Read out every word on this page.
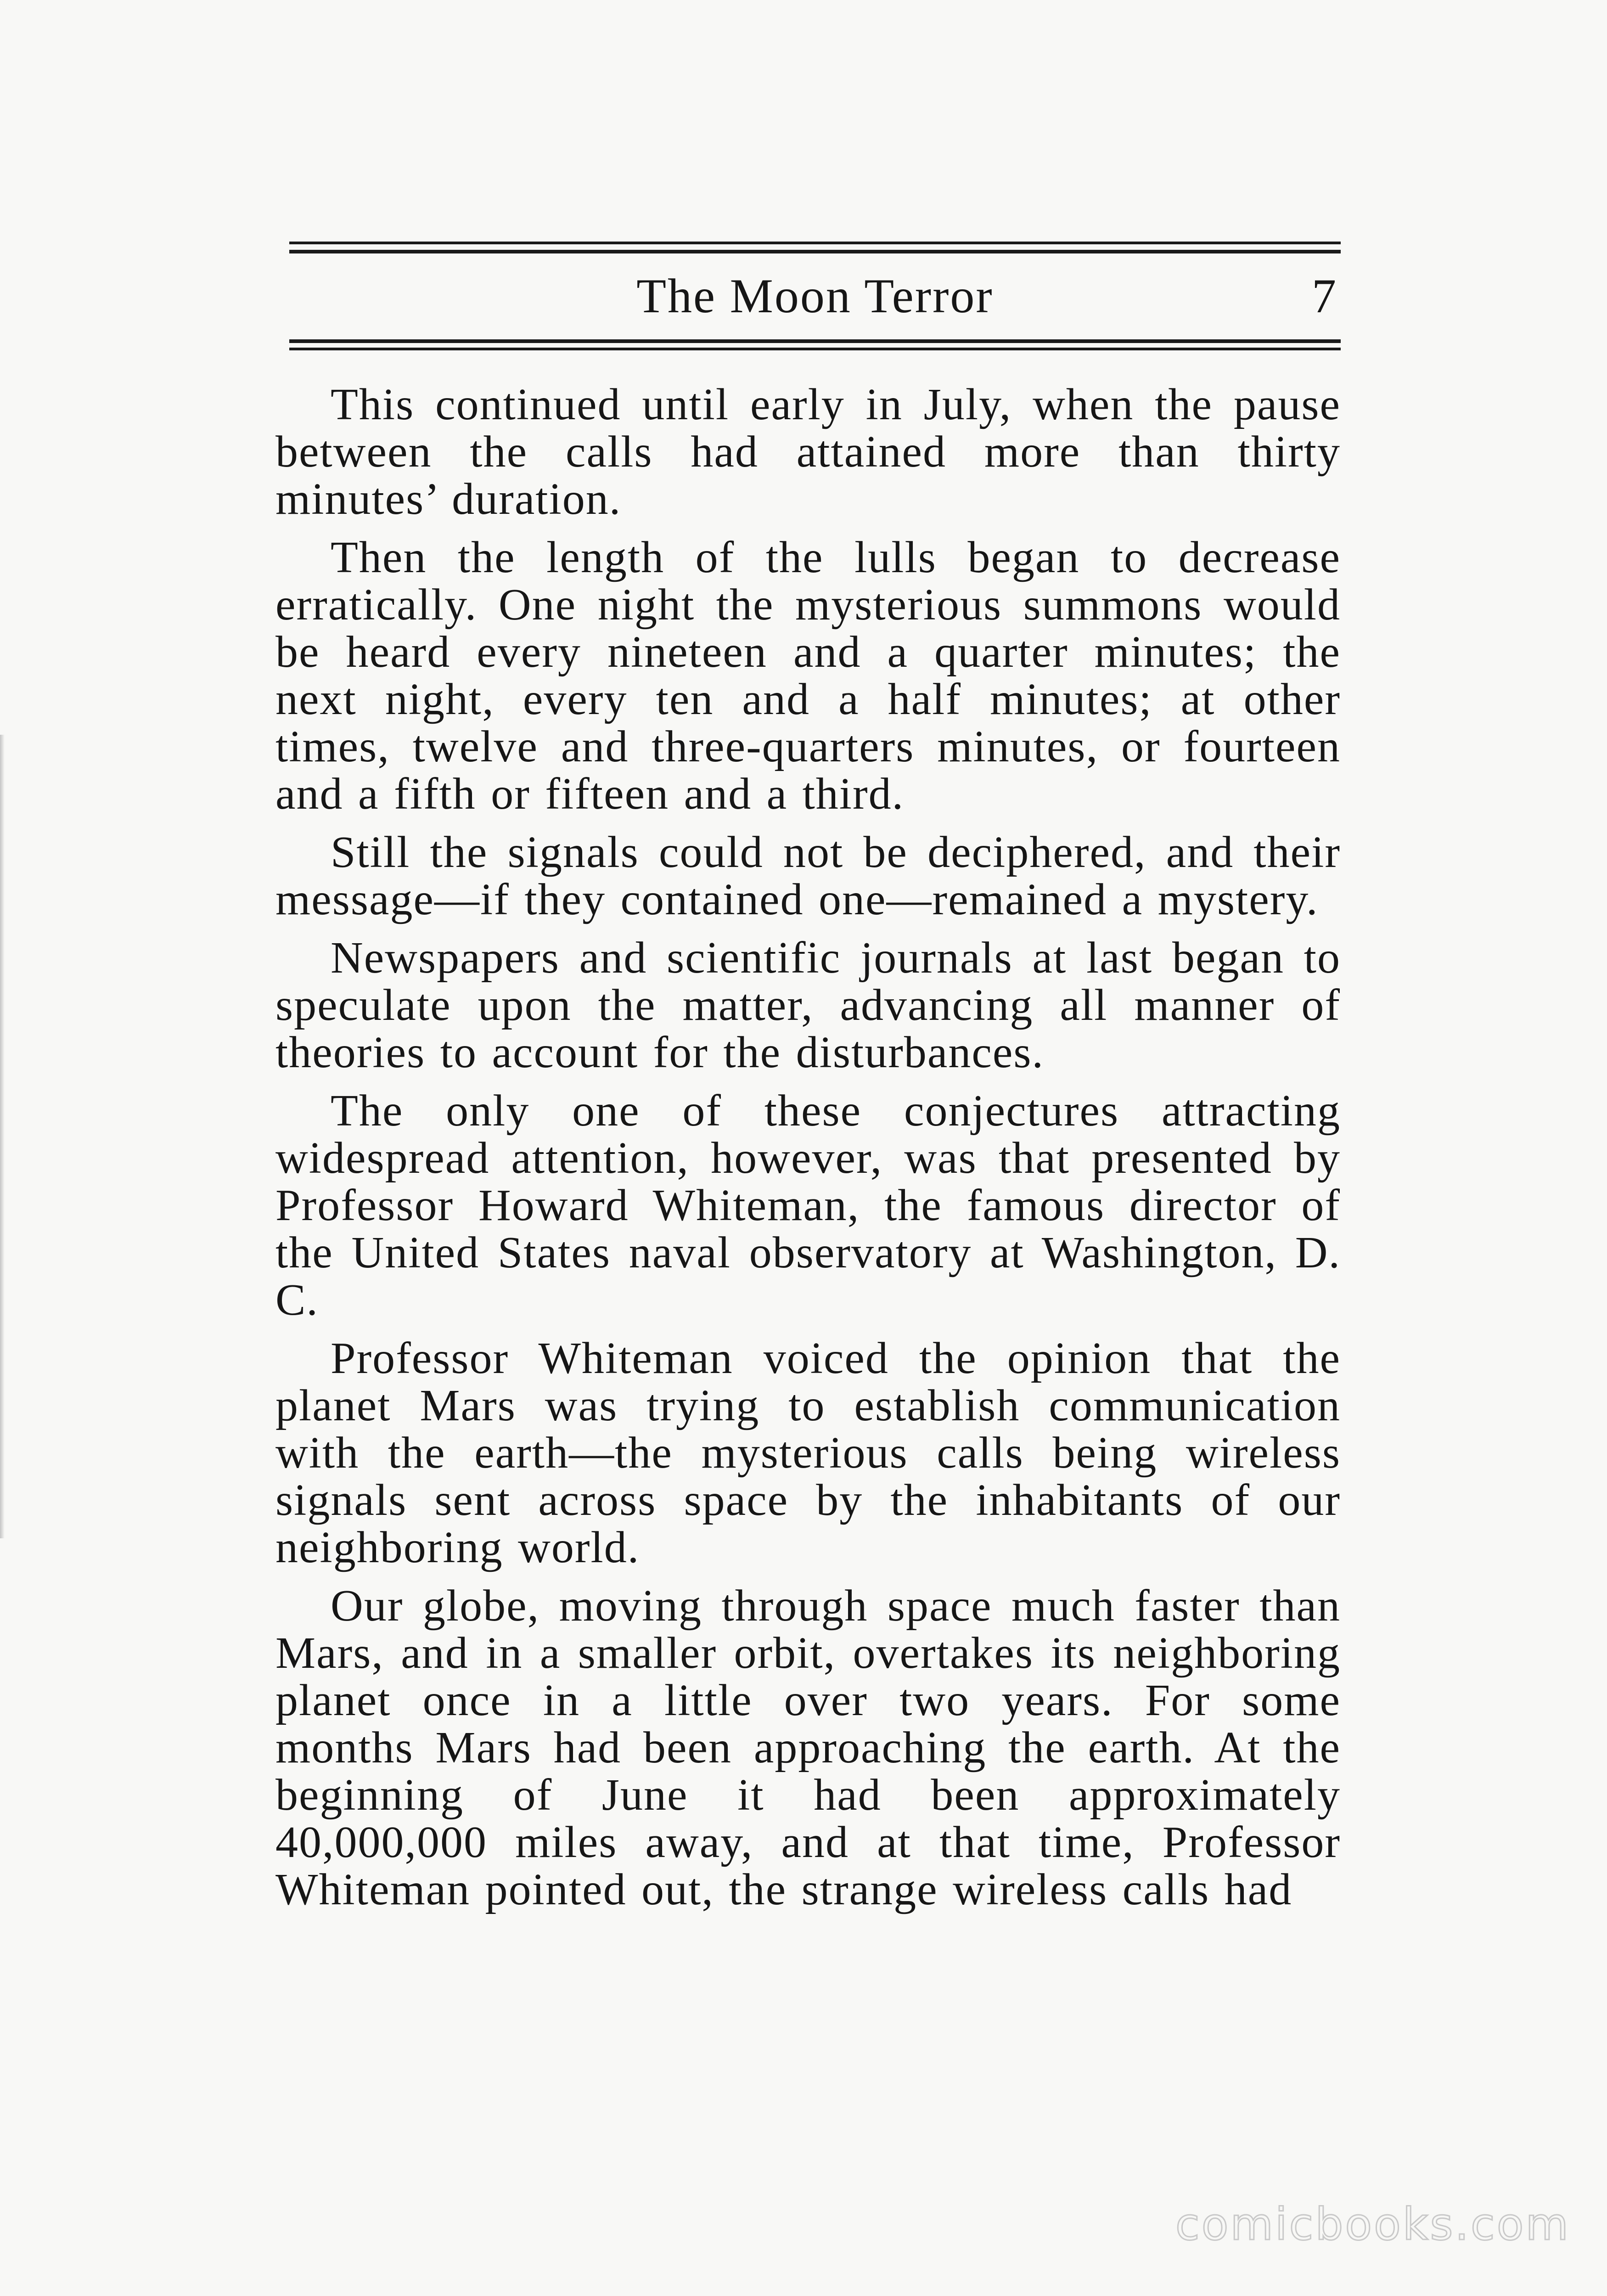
The Moon Terror	7

This continued until early in July, when the pause between the calls had attained more than thirty minutes’ duration.

Then the length of the lulls began to decrease erratically. One night the mysterious summons would be heard every nineteen and a quarter minutes; the next night, every ten and a half minutes; at other times, twelve and three-quarters minutes, or fourteen and a fifth or fifteen and a third.

Still the signals could not be deciphered, and their message—if they contained one—remained a mystery.

Newspapers and scientific journals at last began to speculate upon the matter, advancing all manner of theories to account for the disturbances.

The only one of these conjectures attracting widespread attention, however, was that presented by Professor Howard Whiteman, the famous director of the United States naval observatory at Washington, D. C.

Professor Whiteman voiced the opinion that the planet Mars was trying to establish communication with the earth—the mysterious calls being wireless signals sent across space by the inhabitants of our neighboring world.

Our globe, moving through space much faster than Mars, and in a smaller orbit, overtakes its neighboring planet once in a little over two years. For some months Mars had been approaching the earth. At the beginning of June it had been approximately 40,000,000 miles away, and at that time, Professor Whiteman pointed out, the strange wireless calls had

comicbooks.com
